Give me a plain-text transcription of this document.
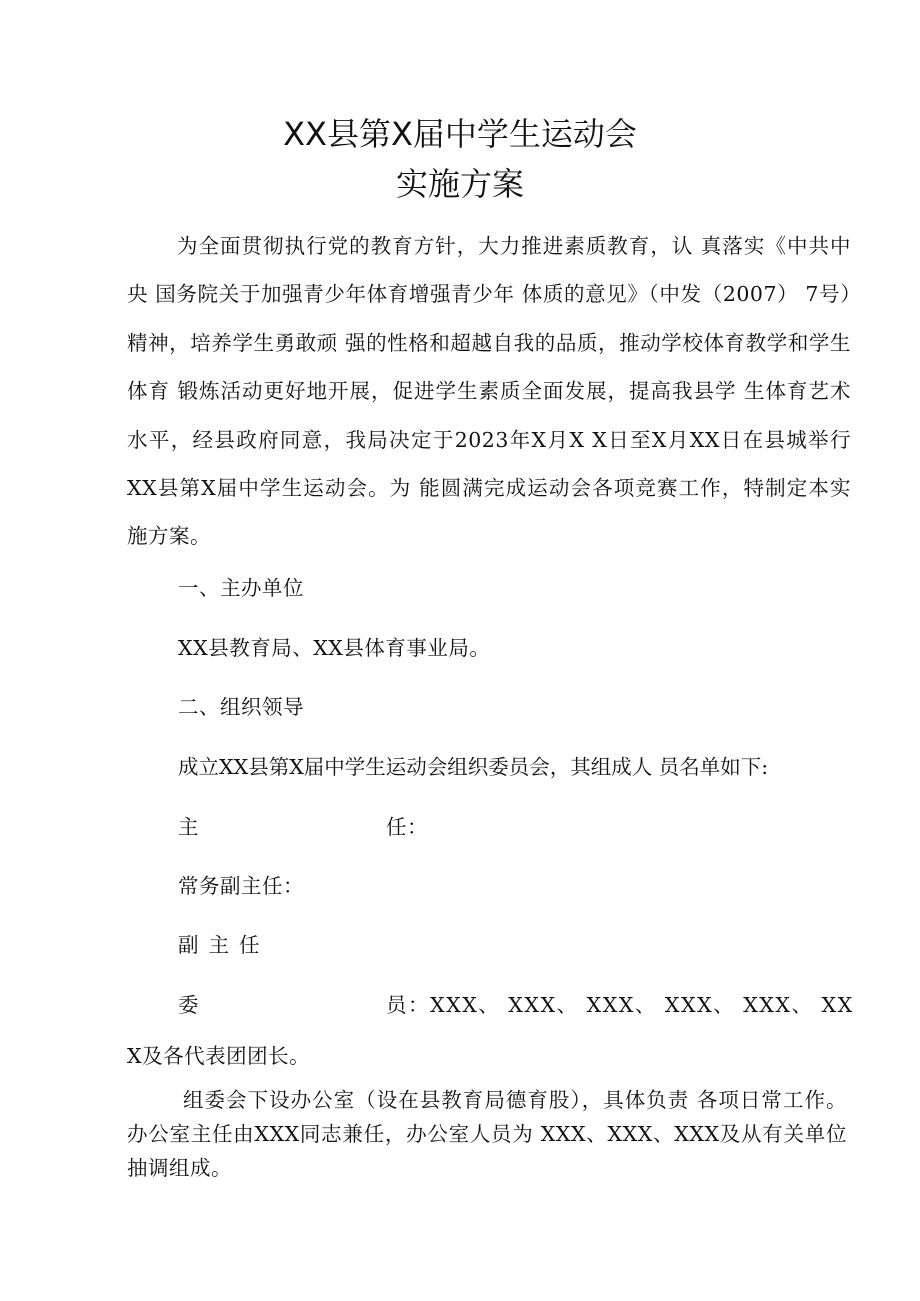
XX县第X届中学生运动会
实施方案

为全面贯彻执行党的教育方针，大力推进素质教育，认 真落实《中共中央 国务院关于加强青少年体育增强青少年 体质的意见》（中发（2007） 7号）精神，培养学生勇敢顽 强的性格和超越自我的品质，推动学校体育教学和学生体育 锻炼活动更好地开展，促进学生素质全面发展，提高我县学 生体育艺术水平，经县政府同意，我局决定于2023年X月X X日至X月XX日在县城举行XX县第X届中学生运动会。为 能圆满完成运动会各项竞赛工作，特制定本实施方案。

一、主办单位

XX县教育局、XX县体育事业局。

二、组织领导

成立XX县第X届中学生运动会组织委员会，其组成人 员名单如下:

主	任：

常务副主任：

副主任

委	员：XXX、 XXX、 XXX、 XXX、 XXX、 XX

X及各代表团团长。

组委会下设办公室（设在县教育局德育股），具体负责 各项日常工作。办公室主任由XXX同志兼任，办公室人员为 XXX、XXX、XXX及从有关单位抽调组成。
